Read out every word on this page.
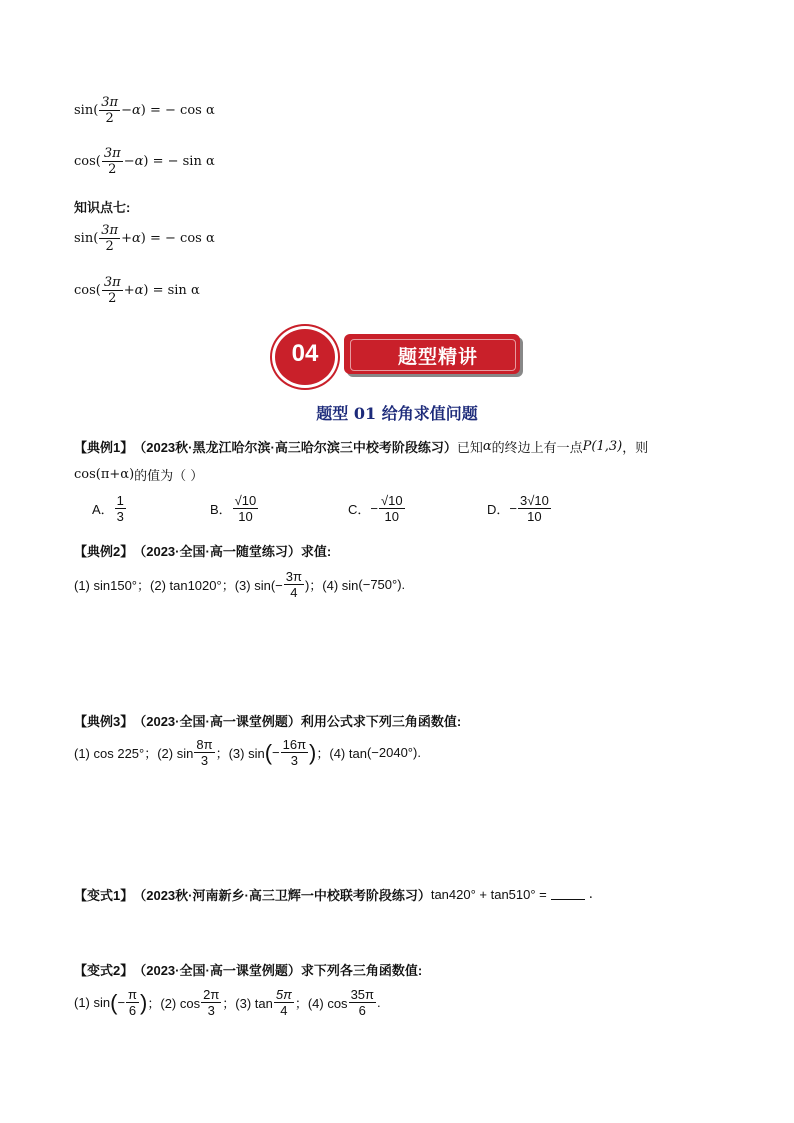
sin ( $\frac{3\pi}{2} - \alpha$ ) = − cos α
cos ( $\frac{3\pi}{2} - \alpha$ ) = − sin α
知识点七:
sin ( $\frac{3\pi}{2} + \alpha$ ) = − cos α
cos ( $\frac{3\pi}{2} + \alpha$ ) = sin α
题型精讲
04
题型 01 给角求值问题
【典例1】 （2023秋·黑龙江哈尔滨·高三哈尔滨三中校考阶段练习） 已知 α 的终边上有一点 P(1,3) ，则
cos(π+α) 的值为（ ）
A． $\frac{1}{3}$	B． $\frac{√10}{10}$	C． − $\frac{√10}{10}$	D． − $\frac{3√10}{10}$
【典例2】 （2023·全国·高一随堂练习）求值:
(1) sin150°；(2) tan1020°；(3) $\sin(- \frac{3\pi}{4}$ )；(4) sin (−750°) .
【典例3】 （2023·全国·高一课堂例题）利用公式求下列三角函数值:
(1) cos 225°；(2) $\sin \frac{8\pi}{3}$ ；(3) sin ( − $\frac{16\pi}{3}$ ) ；(4) tan (−2040°) .
【变式1】 （2023秋·河南新乡·高三卫辉一中校联考阶段练习） tan420° + tan510° =	.
【变式2】 （2023·全国·高一课堂例题）求下列各三角函数值:
(1) sin ( − $\frac{\pi}{6}$ ) ；(2) $\cos \frac{2\pi}{3}$ ；(3) $\tan \frac{5\pi}{4}$ ；(4) $\cos \frac{35\pi}{6}$ .
